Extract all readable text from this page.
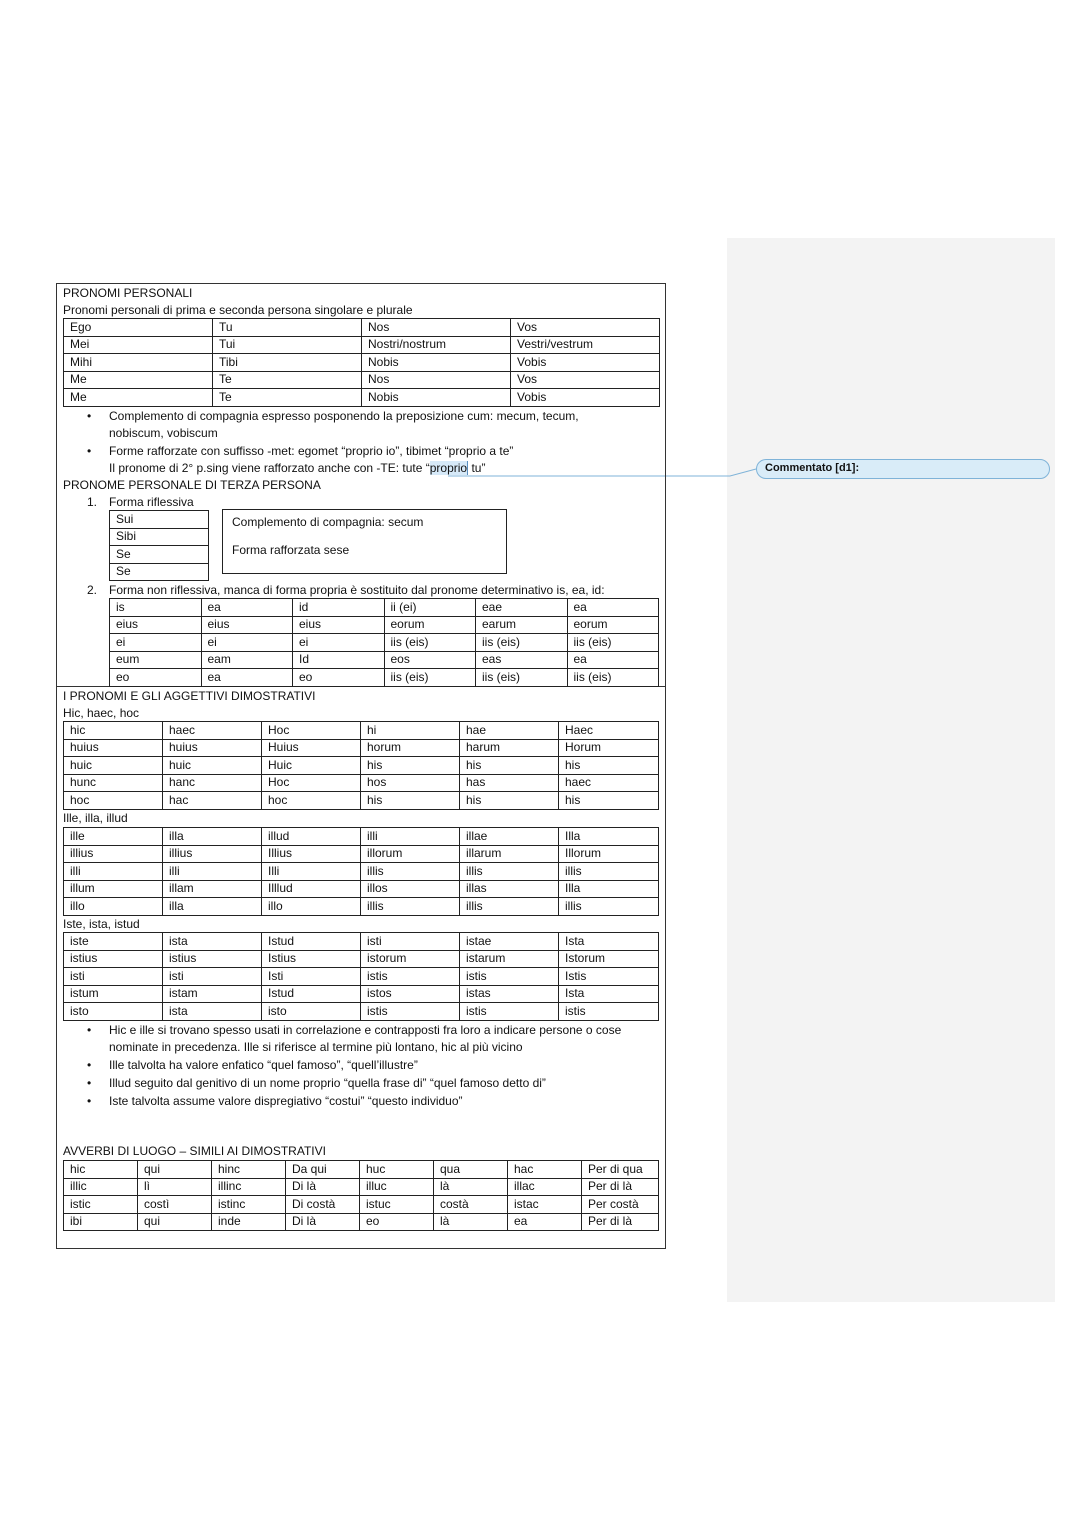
Commentato [d1]:
PRONOMI PERSONALI
Pronomi personali di prima e seconda persona singolare e plurale
Ego	Tu	Nos	Vos
Mei	Tui	Nostri/nostrum	Vestri/vestrum
Mihi	Tibi	Nobis	Vobis
Me	Te	Nos	Vos
Me	Te	Nobis	Vobis
• Complemento di compagnia espresso posponendo la preposizione cum: mecum, tecum,
nobiscum, vobiscum
• Forme rafforzate con suffisso -met: egomet “proprio io”, tibimet “proprio a te”
Il pronome di 2° p.sing viene rafforzato anche con -TE: tute “proprio tu”
PRONOME PERSONALE DI TERZA PERSONA
1. Forma riflessiva
Sui
Sibi
Se
Se
Complemento di compagnia: secum
Forma rafforzata sese
2. Forma non riflessiva, manca di forma propria è sostituito dal pronome determinativo is, ea, id:
is	ea	id	ii (ei)	eae	ea
eius	eius	eius	eorum	earum	eorum
ei	ei	ei	iis (eis)	iis (eis)	iis (eis)
eum	eam	Id	eos	eas	ea
eo	ea	eo	iis (eis)	iis (eis)	iis (eis)
I PRONOMI E GLI AGGETTIVI DIMOSTRATIVI
Hic, haec, hoc
hic	haec	Hoc	hi	hae	Haec
huius	huius	Huius	horum	harum	Horum
huic	huic	Huic	his	his	his
hunc	hanc	Hoc	hos	has	haec
hoc	hac	hoc	his	his	his
Ille, illa, illud
ille	illa	illud	illi	illae	Illa
illius	illius	Illius	illorum	illarum	Illorum
illi	illi	Illi	illis	illis	illis
illum	illam	Illlud	illos	illas	Illa
illo	illa	illo	illis	illis	illis
Iste, ista, istud
iste	ista	Istud	isti	istae	Ista
istius	istius	Istius	istorum	istarum	Istorum
isti	isti	Isti	istis	istis	Istis
istum	istam	Istud	istos	istas	Ista
isto	ista	isto	istis	istis	istis
• Hic e ille si trovano spesso usati in correlazione e contrapposti fra loro a indicare persone o cose
nominate in precedenza. Ille si riferisce al termine più lontano, hic al più vicino
• Ille talvolta ha valore enfatico “quel famoso”, “quell’illustre”
• Illud seguito dal genitivo di un nome proprio “quella frase di” “quel famoso detto di”
• Iste talvolta assume valore dispregiativo “costui” “questo individuo”
AVVERBI DI LUOGO – SIMILI AI DIMOSTRATIVI
hic	qui	hinc	Da qui	huc	qua	hac	Per di qua
illic	lì	illinc	Di là	illuc	là	illac	Per di là
istic	costì	istinc	Di costà	istuc	costà	istac	Per costà
ibi	qui	inde	Di là	eo	là	ea	Per di là
